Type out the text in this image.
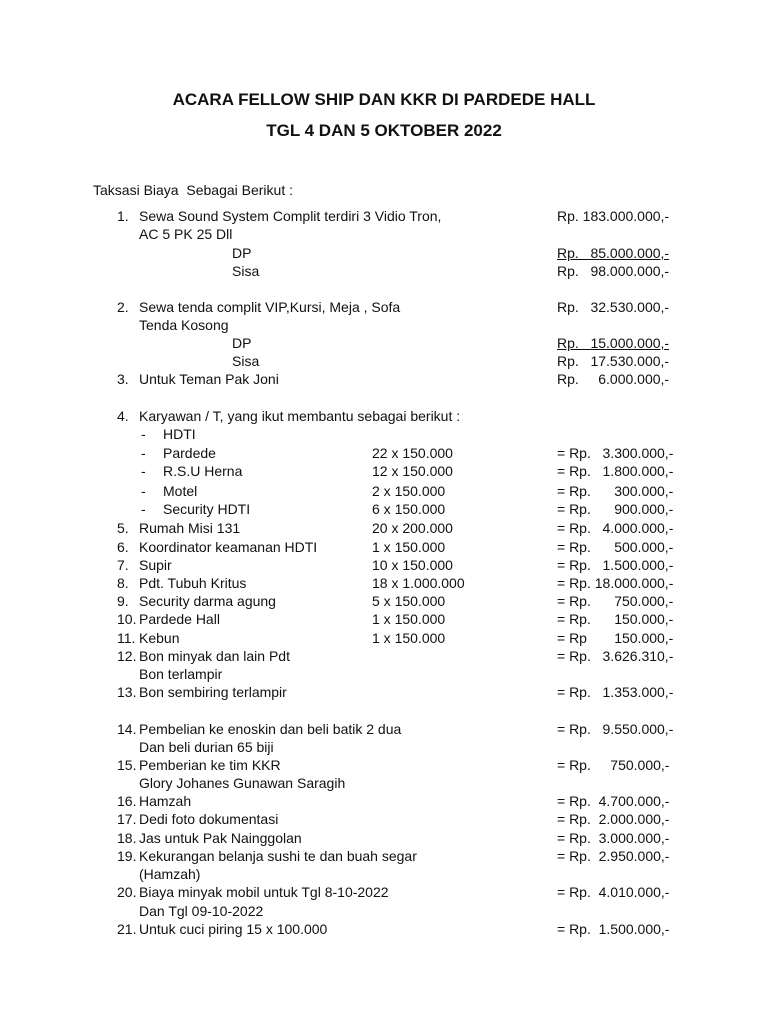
ACARA FELLOW SHIP DAN KKR DI PARDEDE HALL
TGL 4 DAN 5 OKTOBER 2022
Taksasi Biaya  Sebagai Berikut :
1. Sewa Sound System Complit terdiri 3 Vidio Tron,	Rp. 183.000.000,-
AC 5 PK 25 Dll
DP	Rp.   85.000.000,-
Sisa	Rp.   98.000.000,-
2. Sewa tenda complit VIP,Kursi, Meja , Sofa	Rp.   32.530.000,-
Tenda Kosong
DP	Rp.   15.000.000,-
Sisa	Rp.   17.530.000,-
3. Untuk Teman Pak Joni	Rp.     6.000.000,-
4. Karyawan / T, yang ikut membantu sebagai berikut :
- HDTI
- Pardede	22 x 150.000	= Rp.   3.300.000,-
- R.S.U Herna	12 x 150.000	= Rp.   1.800.000,-
- Motel	2 x 150.000	= Rp.      300.000,-
- Security HDTI	6 x 150.000	= Rp.      900.000,-
5. Rumah Misi 131	20 x 200.000	= Rp.   4.000.000,-
6. Koordinator keamanan HDTI	1 x 150.000	= Rp.      500.000,-
7. Supir	10 x 150.000	= Rp.   1.500.000,-
8. Pdt. Tubuh Kritus	18 x 1.000.000	= Rp. 18.000.000,-
9. Security darma agung	5 x 150.000	= Rp.      750.000,-
10. Pardede Hall	1 x 150.000	= Rp.      150.000,-
11. Kebun	1 x 150.000	= Rp       150.000,-
12. Bon minyak dan lain Pdt	= Rp.   3.626.310,-
Bon terlampir
13. Bon sembiring terlampir	= Rp.   1.353.000,-
14. Pembelian ke enoskin dan beli batik 2 dua	= Rp.   9.550.000,-
Dan beli durian 65 biji
15. Pemberian ke tim KKR	= Rp.     750.000,-
Glory Johanes Gunawan Saragih
16. Hamzah	= Rp.  4.700.000,-
17. Dedi foto dokumentasi	= Rp.  2.000.000,-
18. Jas untuk Pak Nainggolan	= Rp.  3.000.000,-
19. Kekurangan belanja sushi te dan buah segar	= Rp.  2.950.000,-
(Hamzah)
20. Biaya minyak mobil untuk Tgl 8-10-2022	= Rp.  4.010.000,-
Dan Tgl 09-10-2022
21. Untuk cuci piring 15 x 100.000	= Rp.  1.500.000,-
